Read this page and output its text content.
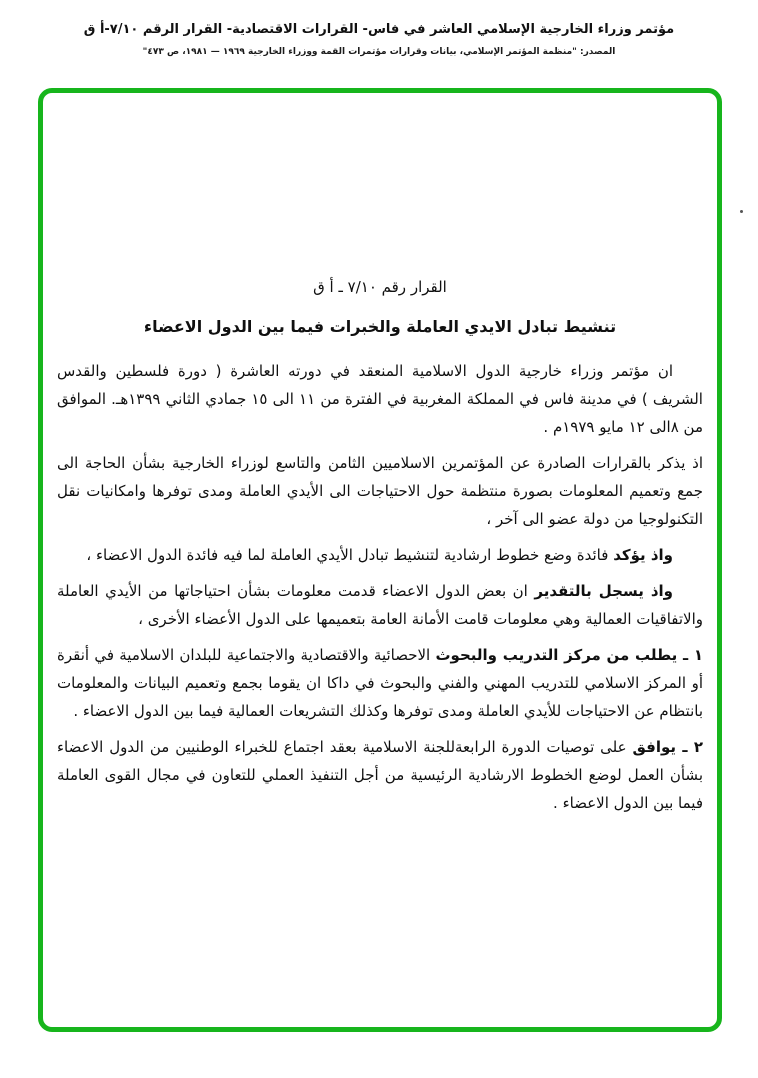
مؤتمر وزراء الخارجية الإسلامي العاشر في فاس- القرارات الاقتصادية- القرار الرقم ٧/١٠-أ ق
المصدر: "منظمة المؤتمر الإسلامي، بيانات وقرارات مؤتمرات القمة ووزراء الخارجية ١٩٦٩ — ١٩٨١، ص ٤٧٣"
القرار رقم ٧/١٠ ـ أ ق
تنشيط تبادل الايدي العاملة والخبرات فيما بين الدول الاعضاء

ان مؤتمر وزراء خارجية الدول الاسلامية المنعقد في دورته العاشرة ( دورة فلسطين والقدس الشريف ) في مدينة فاس في المملكة المغربية في الفترة من ١١ الى ١٥ جمادي الثاني ١٣٩٩هـ. الموافق من ٨الى ١٢ مايو ١٩٧٩م .

اذ يذكر بالقرارات الصادرة عن المؤتمرين الاسلاميين الثامن والتاسع لوزراء الخارجية بشأن الحاجة الى جمع وتعميم المعلومات بصورة منتظمة حول الاحتياجات الى الأيدي العاملة ومدى توفرها وامكانيات نقل التكنولوجيا من دولة عضو الى آخر ،

واذ يؤكد فائدة وضع خطوط ارشادية لتنشيط تبادل الأيدي العاملة لما فيه فائدة الدول الاعضاء ،

واذ يسجل بالتقدير ان بعض الدول الاعضاء قدمت معلومات بشأن احتياجاتها من الأيدي العاملة والاتفاقيات العمالية وهي معلومات قامت الأمانة العامة بتعميمها على الدول الأعضاء الأخرى ،

١ ـ يطلب من مركز التدريب والبحوث الاحصائية والاقتصادية والاجتماعية للبلدان الاسلامية في أنقرة أو المركز الاسلامي للتدريب المهني والفني والبحوث في داكا ان يقوما بجمع وتعميم البيانات والمعلومات بانتظام عن الاحتياجات للأيدي العاملة ومدى توفرها وكذلك التشريعات العمالية فيما بين الدول الاعضاء .

٢ ـ يوافق على توصيات الدورة الرابعةللجنة الاسلامية بعقد اجتماع للخبراء الوطنيين من الدول الاعضاء بشأن العمل لوضع الخطوط الارشادية الرئيسية من أجل التنفيذ العملي للتعاون في مجال القوى العاملة فيما بين الدول الاعضاء .
